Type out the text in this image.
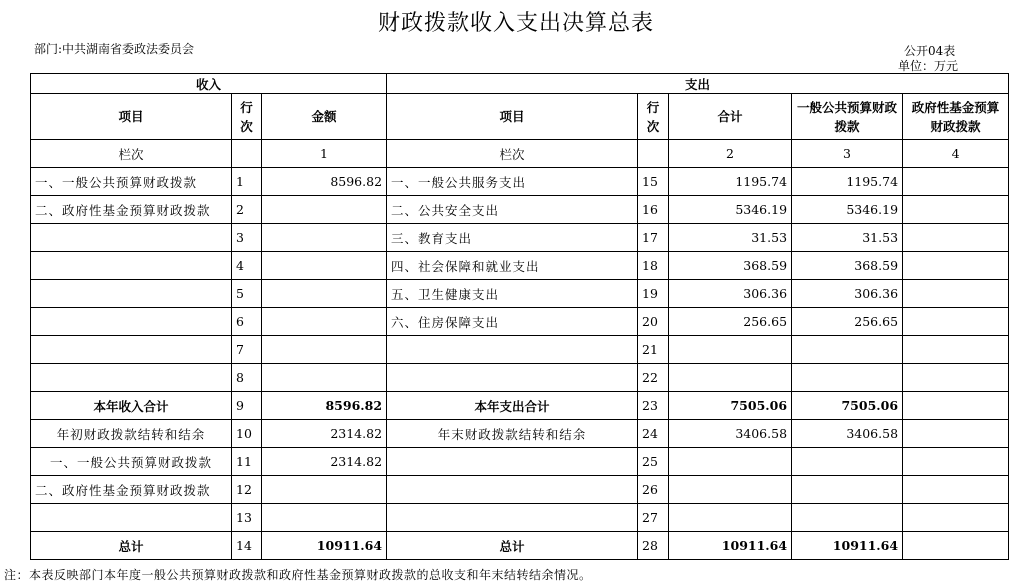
财政拨款收入支出决算总表
部门:中共湖南省委政法委员会	公开04表
单位：万元
收入			支出				
项目	行次	金额	项目	行次	合计	一般公共预算财政拨款	政府性基金预算财政拨款
栏次		1	栏次		2	3	4
一、一般公共预算财政拨款	1	8596.82	一、一般公共服务支出	15	1195.74	1195.74	
二、政府性基金预算财政拨款	2		二、公共安全支出	16	5346.19	5346.19	
	3		三、教育支出	17	31.53	31.53	
	4		四、社会保障和就业支出	18	368.59	368.59	
	5		五、卫生健康支出	19	306.36	306.36	
	6		六、住房保障支出	20	256.65	256.65	
	7			21			
	8			22			
本年收入合计	9	8596.82	本年支出合计	23	7505.06	7505.06	
年初财政拨款结转和结余	10	2314.82	年末财政拨款结转和结余	24	3406.58	3406.58	
一、一般公共预算财政拨款	11	2314.82		25			
二、政府性基金预算财政拨款	12			26			
	13			27			
总计	14	10911.64	总计	28	10911.64	10911.64	
注：本表反映部门本年度一般公共预算财政拨款和政府性基金预算财政拨款的总收支和年末结转结余情况。
